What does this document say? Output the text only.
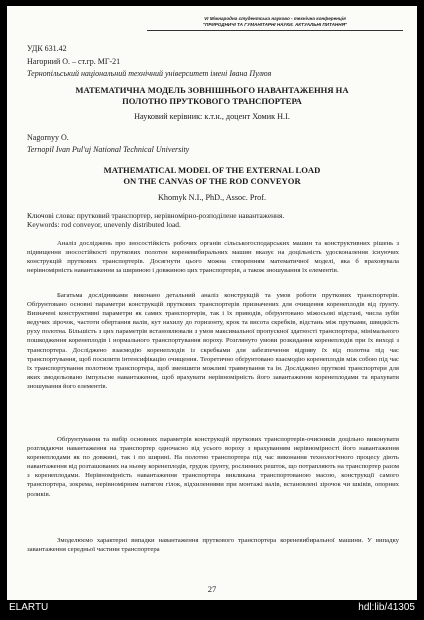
VI Міжнародна студентська науково - технічна конференція
"ПРИРОДНИЧІ ТА ГУМАНІТАРНІ НАУКИ. АКТУАЛЬНІ ПИТАННЯ"
УДК 631.42
Нагорний О. – ст.гр. МГ-21
Тернопільський національний технічний університет імені Івана Пулюя
МАТЕМАТИЧНА МОДЕЛЬ ЗОВНІШНЬОГО НАВАНТАЖЕННЯ НА
ПОЛОТНО ПРУТКОВОГО ТРАНСПОРТЕРА
Науковий керівник: к.т.н., доцент Хомик Н.І.
Nagornyy O.
Ternopil Ivan Pul'uj National Technical University
MATHEMATICAL MODEL OF THE EXTERNAL LOAD
ON THE CANVAS OF THE ROD CONVEYOR
Khomyk N.I., PhD., Assoc. Prof.
Ключові слова: прутковий транспортер, нерівномірно-розподілене навантаження.
Keywords: rod conveyor, unevenly distributed load.
Аналіз досліджень про зносостійкість робочих органів сільськогосподарських машин та конструктивних рішень з підвищення зносостійкості пруткових полотен кореневибиральних машин вказує на доцільність удосконалення існуючих конструкцій пруткових транспортерів. Досягнути цього можна створенням математичної моделі, яка б враховувала нерівномірність навантаження за шириною і довжиною цих транспортерів, а також зношування їх елементів.
Багатьма дослідниками виконано детальний аналіз конструкцій та умов роботи пруткових транспортерів. Обґрунтовано основні параметри конструкцій пруткових транспортерів призначених для очищення коренеплодів від ґрунту. Визначені конструктивні параметри як самих транспортерів, так і їх приводів, обґрунтовано міжосьові відстані, числа зубів ведучих зірочок, частоти обертання валів, кут нахилу до горизонту, крок та висота скребків, відстань між прутками, швидкість руху полотна. Більшість з цих параметрів встановлювали з умов максимальної пропускної здатності транспортера, мінімального пошкодження коренеплодів і нормального транспортування вороху. Розглянуто умови розкидання коренеплодів при їх виході з транспортера. Досліджено взаємодію коренеплодів із скребками для забезпечення відриву їх від полотна під час транспортування, щоб посилити інтенсифікацію очищення. Теоретично обґрунтовано взаємодію коренеплодів між собою під час їх транспортування полотном транспортера, щоб зменшити можливі травмування та ін. Досліджено пруткові транспортери для яких змодельовано імпульсне навантаження, щоб врахувати нерівномірність його завантаження коренеплодами та врахувати зношування його елементів.
Обґрунтування та вибір основних параметрів конструкцій пруткових транспортерів-очисників доцільно виконувати розглядаючи навантаження на транспортер одночасно від усього вороху з врахуванням нерівномірності його навантаження коренеплодами як по довжині, так і по ширині. На полотно транспортера під час виконання технологічного процесу діють навантаження від розташованих на ньому коренеплодів, грудок ґрунту, рослинних решток, що потрапляють на транспортер разом з коренеплодами. Нерівномірність навантаження транспортера викликана транспортованою масою, конструкції самого транспортера, зокрема, нерівномірним натягом гілок, відхиленнями при монтажі валів, встановлені зірочок чи шківів, опорних роликів.
Змоделюємо характерні випадки навантаження пруткового транспортера кореневибиральної машини. У випадку завантаження середньої частини транспортера
27
ELARTU	hdl:lib/41305
